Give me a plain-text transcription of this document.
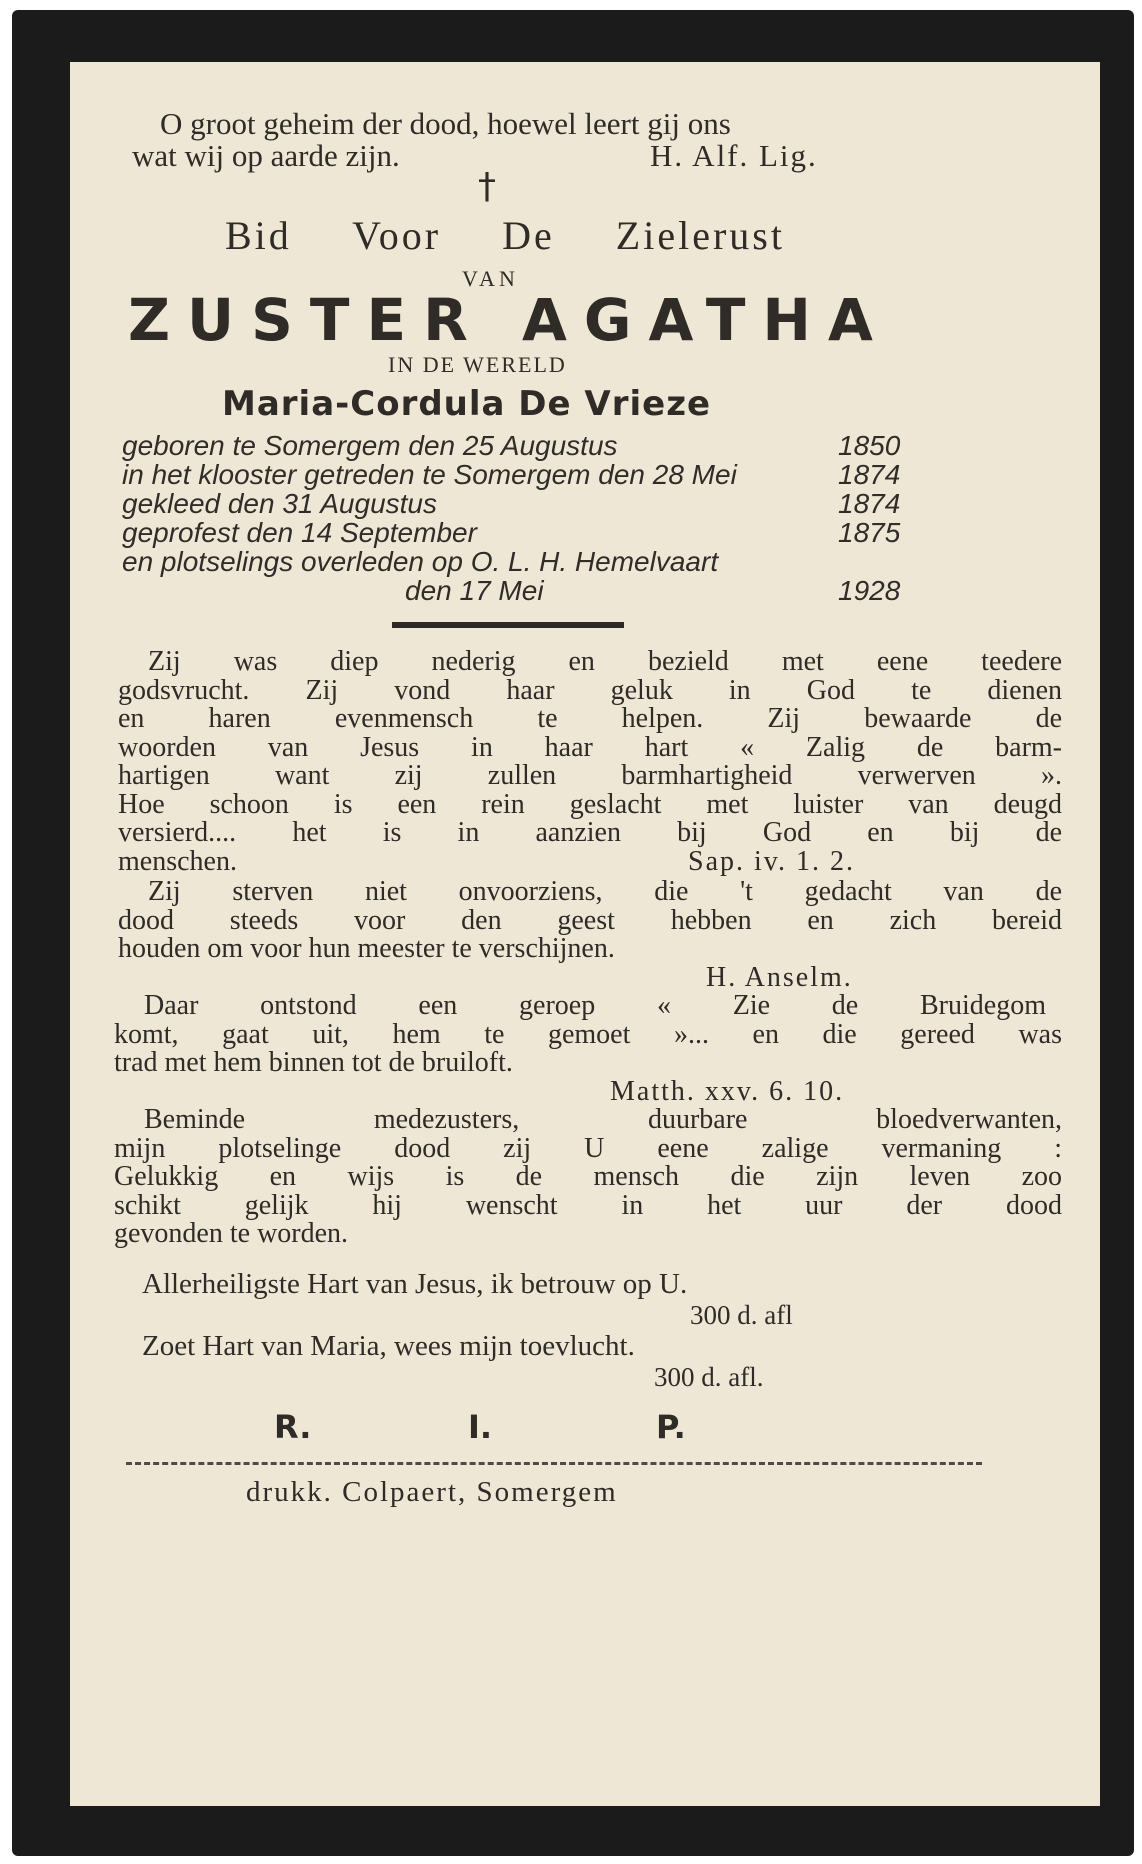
O groot geheim der dood, hoewel leert gij ons
wat wij op aarde zijn.	H. Alf. Lig.
†
Bid Voor De Zielerust
VAN
ZUSTER AGATHA
IN DE WERELD
Maria-Cordula De Vrieze
geboren te Somergem den 25 Augustus	1850
in het klooster getreden te Somergem den 28 Mei	1874
gekleed den 31 Augustus	1874
geprofest den 14 September	1875
en plotselings overleden op O. L. H. Hemelvaart
den 17 Mei	1928
Zij was diep nederig en bezield met eene teedere
godsvrucht. Zij vond haar geluk in God te dienen
en haren evenmensch te helpen. Zij bewaarde de
woorden van Jesus in haar hart « Zalig de barm-
hartigen want zij zullen barmhartigheid verwerven ».
Hoe schoon is een rein geslacht met luister van deugd
versierd.... het is in aanzien bij God en bij de
menschen.	Sap. iv. 1. 2.
Zij sterven niet onvoorziens, die 't gedacht van de
dood steeds voor den geest hebben en zich bereid
houden om voor hun meester te verschijnen.
H. Anselm.
Daar ontstond een geroep « Zie de Bruidegom
komt, gaat uit, hem te gemoet »... en die gereed was
trad met hem binnen tot de bruiloft.
Matth. xxv. 6. 10.
Beminde medezusters, duurbare bloedverwanten,
mijn plotselinge dood zij U eene zalige vermaning :
Gelukkig en wijs is de mensch die zijn leven zoo
schikt gelijk hij wenscht in het uur der dood
gevonden te worden.
Allerheiligste Hart van Jesus, ik betrouw op U.
300 d. afl
Zoet Hart van Maria, wees mijn toevlucht.
300 d. afl.
R.	I.	P.
drukk. Colpaert, Somergem
